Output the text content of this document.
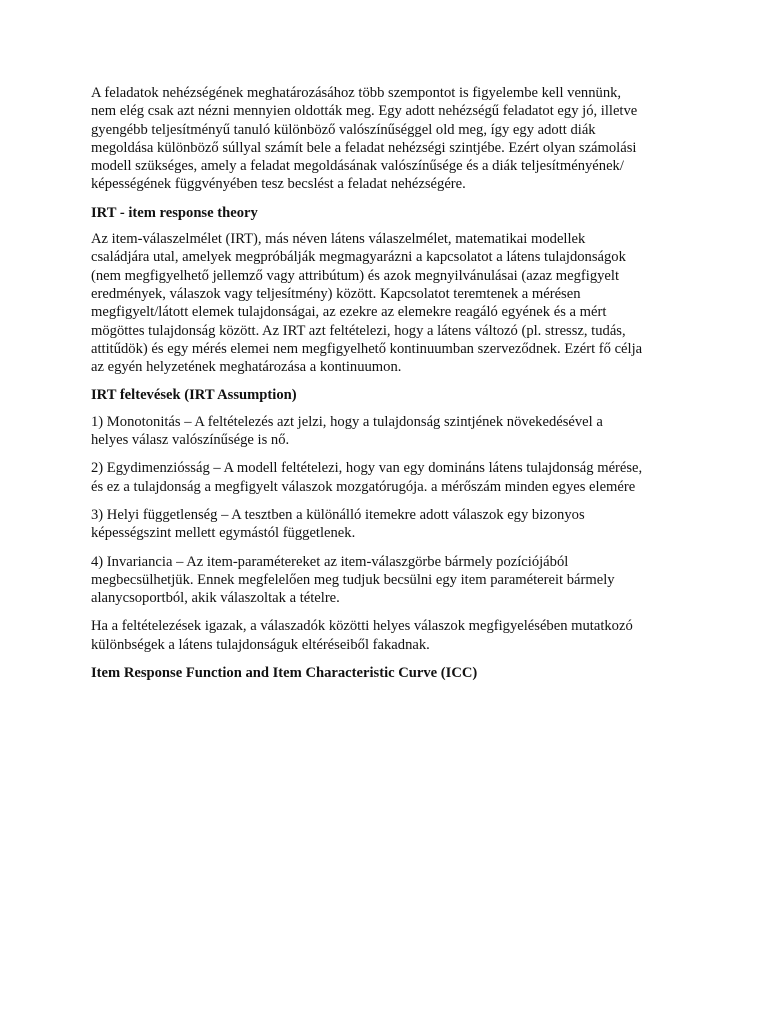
A feladatok nehézségének meghatározásához több szempontot is figyelembe kell vennünk,
nem elég csak azt nézni mennyien oldották meg. Egy adott nehézségű feladatot egy jó, illetve
gyengébb teljesítményű tanuló különböző valószínűséggel old meg, így egy adott diák
megoldása különböző súllyal számít bele a feladat nehézségi szintjébe. Ezért olyan számolási
modell szükséges, amely a feladat megoldásának valószínűsége és a diák teljesítményének/
képességének függvényében tesz becslést a feladat nehézségére.

IRT - item response theory

Az item-válaszelmélet (IRT), más néven látens válaszelmélet, matematikai modellek
családjára utal, amelyek megpróbálják megmagyarázni a kapcsolatot a látens tulajdonságok
(nem megfigyelhető jellemző vagy attribútum) és azok megnyilvánulásai (azaz megfigyelt
eredmények, válaszok vagy teljesítmény) között. Kapcsolatot teremtenek a mérésen
megfigyelt/látott elemek tulajdonságai, az ezekre az elemekre reagáló egyének és a mért
mögöttes tulajdonság között. Az IRT azt feltételezi, hogy a látens változó (pl. stressz, tudás,
attitűdök) és egy mérés elemei nem megfigyelhető kontinuumban szerveződnek. Ezért fő célja
az egyén helyzetének meghatározása a kontinuumon.

IRT feltevések (IRT Assumption)

1) Monotonitás – A feltételezés azt jelzi, hogy a tulajdonság szintjének növekedésével a
helyes válasz valószínűsége is nő.

2) Egydimenziósság – A modell feltételezi, hogy van egy domináns látens tulajdonság mérése,
és ez a tulajdonság a megfigyelt válaszok mozgatórugója. a mérőszám minden egyes elemére

3) Helyi függetlenség – A tesztben a különálló itemekre adott válaszok egy bizonyos
képességszint mellett egymástól függetlenek.

4) Invariancia – Az item-paramétereket az item-válaszgörbe bármely pozíciójából
megbecsülhetjük. Ennek megfelelően meg tudjuk becsülni egy item paramétereit bármely
alanycsoportból, akik válaszoltak a tételre.

Ha a feltételezések igazak, a válaszadók közötti helyes válaszok megfigyelésében mutatkozó
különbségek a látens tulajdonságuk eltéréseiből fakadnak.

Item Response Function and Item Characteristic Curve (ICC)
